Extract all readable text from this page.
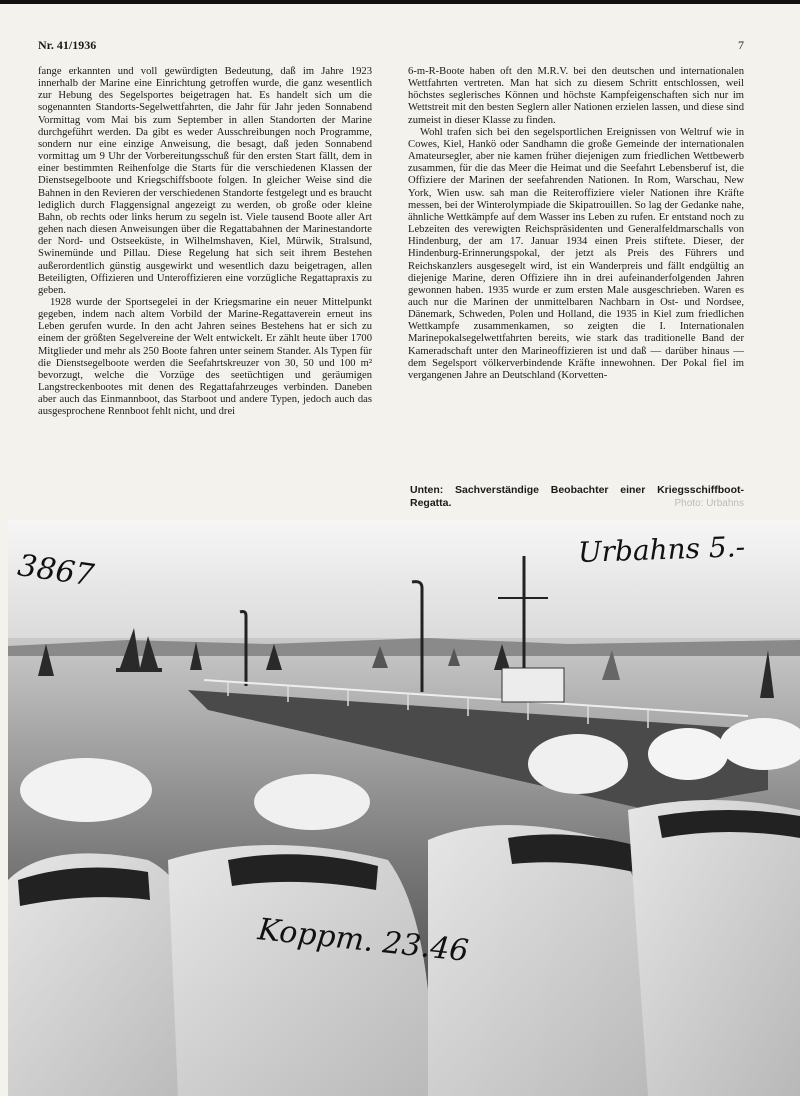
Nr. 41/1936	7

fange erkannten und voll gewürdigten Bedeutung, daß im Jahre 1923 innerhalb der Marine eine Einrichtung getroffen wurde, die ganz wesentlich zur Hebung des Segelsportes beigetragen hat. Es handelt sich um die sogenannten Standorts-Segelwettfahrten, die Jahr für Jahr jeden Sonnabend Vormittag vom Mai bis zum September in allen Standorten der Marine durchgeführt werden. Da gibt es weder Ausschreibungen noch Programme, sondern nur eine einzige Anweisung, die besagt, daß jeden Sonnabend vormittag um 9 Uhr der Vorbereitungsschuß für den ersten Start fällt, dem in einer bestimmten Reihenfolge die Starts für die verschiedenen Klassen der Dienstsegelboote und Kriegschiffsboote folgen. In gleicher Weise sind die Bahnen in den Revieren der verschiedenen Standorte festgelegt und es braucht lediglich durch Flaggensignal angezeigt zu werden, ob große oder kleine Bahn, ob rechts oder links herum zu segeln ist. Viele tausend Boote aller Art gehen nach diesen Anweisungen über die Regattabahnen der Marinestandorte der Nord- und Ostseeküste, in Wilhelmshaven, Kiel, Mürwik, Stralsund, Swinemünde und Pillau. Diese Regelung hat sich seit ihrem Bestehen außerordentlich günstig ausgewirkt und wesentlich dazu beigetragen, allen Beteiligten, Offizieren und Unteroffizieren eine vorzügliche Regattapraxis zu geben.

1928 wurde der Sportsegelei in der Kriegsmarine ein neuer Mittelpunkt gegeben, indem nach altem Vorbild der Marine-Regattaverein erneut ins Leben gerufen wurde. In den acht Jahren seines Bestehens hat er sich zu einem der größten Segelvereine der Welt entwickelt. Er zählt heute über 1700 Mitglieder und mehr als 250 Boote fahren unter seinem Stander. Als Typen für die Dienstsegelboote werden die Seefahrtskreuzer von 30, 50 und 100 m² bevorzugt, welche die Vorzüge des seetüchtigen und geräumigen Langstreckenbootes mit denen des Regattafahrzeuges verbinden. Daneben aber auch das Einmannboot, das Starboot und andere Typen, jedoch auch das ausgesprochene Rennboot fehlt nicht, und drei

6-m-R-Boote haben oft den M.R.V. bei den deutschen und internationalen Wettfahrten vertreten. Man hat sich zu diesem Schritt entschlossen, weil höchstes seglerisches Können und höchste Kampfeigenschaften sich nur im Wettstreit mit den besten Seglern aller Nationen erzielen lassen, und diese sind zumeist in dieser Klasse zu finden.

Wohl trafen sich bei den segelsportlichen Ereignissen von Weltruf wie in Cowes, Kiel, Hankö oder Sandhamn die große Gemeinde der internationalen Amateursegler, aber nie kamen früher diejenigen zum friedlichen Wettbewerb zusammen, für die das Meer die Heimat und die Seefahrt Lebensberuf ist, die Offiziere der Marinen der seefahrenden Nationen. In Rom, Warschau, New York, Wien usw. sah man die Reiteroffiziere vieler Nationen ihre Kräfte messen, bei der Winterolympiade die Skipatrouillen. So lag der Gedanke nahe, ähnliche Wettkämpfe auf dem Wasser ins Leben zu rufen. Er entstand noch zu Lebzeiten des verewigten Reichspräsidenten und Generalfeldmarschalls von Hindenburg, der am 17. Januar 1934 einen Preis stiftete. Dieser, der Hindenburg-Erinnerungspokal, der jetzt als Preis des Führers und Reichskanzlers ausgesegelt wird, ist ein Wanderpreis und fällt endgültig an diejenige Marine, deren Offiziere ihn in drei aufeinanderfolgenden Jahren gewonnen haben. 1935 wurde er zum ersten Male ausgeschrieben. Waren es auch nur die Marinen der unmittelbaren Nachbarn in Ost- und Nordsee, Dänemark, Schweden, Polen und Holland, die 1935 in Kiel zum friedlichen Wettkampfe zusammenkamen, so zeigten die I. Internationalen Marinepokalsegelwettfahrten bereits, wie stark das traditionelle Band der Kameradschaft unter den Marineoffizieren ist und daß — darüber hinaus — dem Segelsport völkerverbindende Kräfte innewohnen. Der Pokal fiel im vergangenen Jahre an Deutschland (Korvetten-

Unten: Sachverständige Beobachter einer Kriegsschiffboot-Regatta.	Photo: Urbahns
3867	Urbahns 5.-
Koppm. 23.46
